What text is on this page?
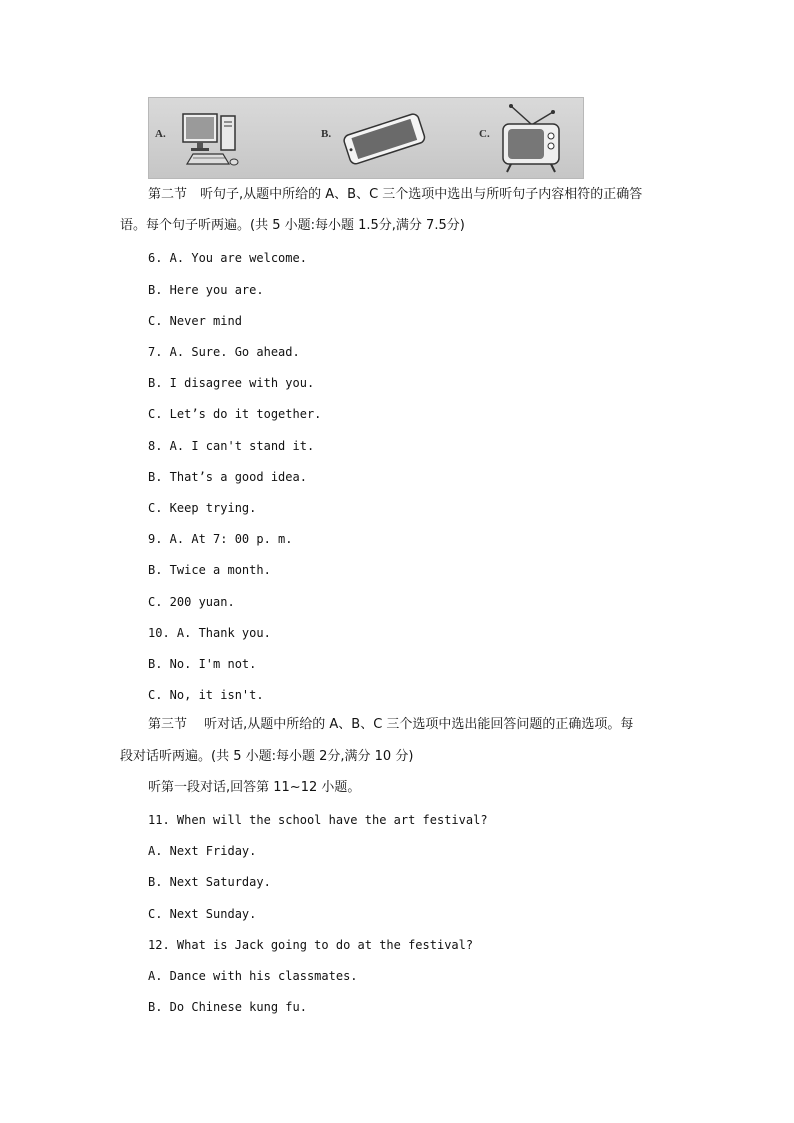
A.	B.	C.
第二节　听句子,从题中所给的 A、B、C 三个选项中选出与所听句子内容相符的正确答
语。每个句子听两遍。(共 5 小题:每小题 1.5分,满分 7.5分)
6. A. You are welcome.
B. Here you are.
C. Never mind
7. A. Sure. Go ahead.
B. I disagree with you.
C. Let’s do it together.
8. A. I can't stand it.
B. That’s a good idea.
C. Keep trying.
9. A. At 7: 00 p. m.
B. Twice a month.
C. 200 yuan.
10. A. Thank you.
B. No. I'm not.
C. No, it isn't.
第三节　 听对话,从题中所给的 A、B、C 三个选项中选出能回答问题的正确选项。每
段对话听两遍。(共 5 小题:每小题 2分,满分 10 分)
听第一段对话,回答第 11~12 小题。
11. When will the school have the art festival?
A. Next Friday.
B. Next Saturday.
C. Next Sunday.
12. What is Jack going to do at the festival?
A. Dance with his classmates.
B. Do Chinese kung fu.
